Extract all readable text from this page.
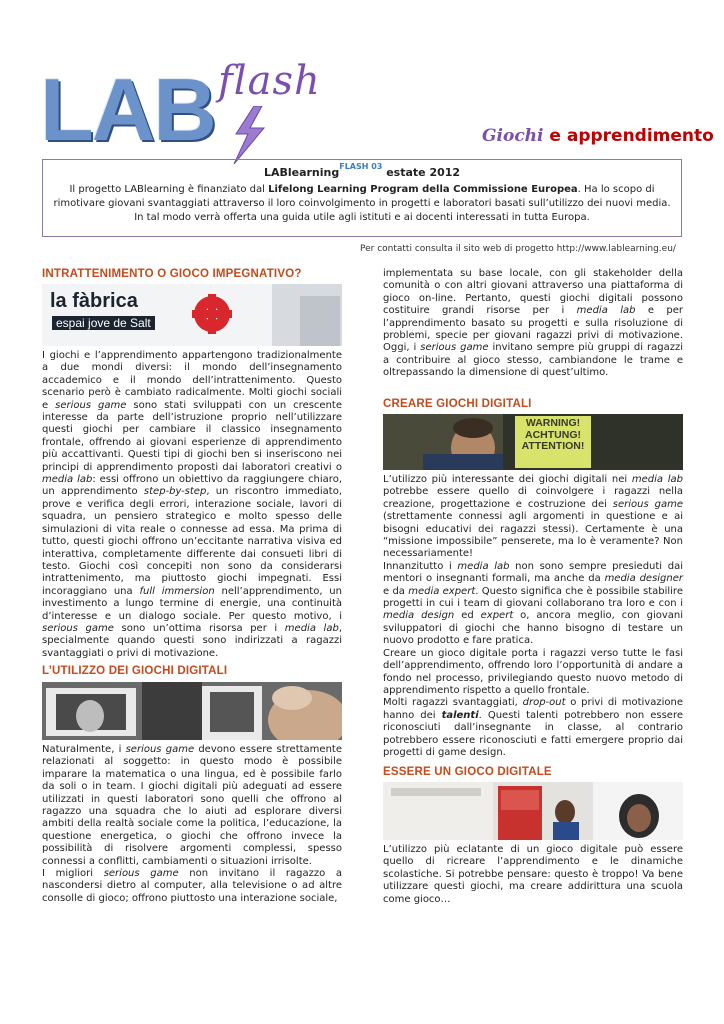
LAB flash
Giochi e apprendimento
LABlearning$^{FLASH 03}$ estate 2012
Il progetto LABlearning è finanziato dal Lifelong Learning Program della Commissione Europea. Ha lo scopo di rimotivare giovani svantaggiati attraverso il loro coinvolgimento in progetti e laboratori basati sull’utilizzo dei nuovi media. In tal modo verrà offerta una guida utile agli istituti e ai docenti interessati in tutta Europa.
Per contatti consulta il sito web di progetto http://www.lablearning.eu/
INTRATTENIMENTO O GIOCO IMPEGNATIVO?
la fàbrica
espai jove de Salt
I giochi e l’apprendimento appartengono tradizionalmente a due mondi diversi: il mondo dell’insegnamento accademico e il mondo dell’intrattenimento. Questo scenario però è cambiato radicalmente. Molti giochi sociali e serious game sono stati sviluppati con un crescente interesse da parte dell’istruzione proprio nell’utilizzare questi giochi per cambiare il classico insegnamento frontale, offrendo ai giovani esperienze di apprendimento più accattivanti. Questi tipi di giochi ben si inseriscono nei principi di apprendimento proposti dai laboratori creativi o media lab: essi offrono un obiettivo da raggiungere chiaro, un apprendimento step-by-step, un riscontro immediato, prove e verifica degli errori, interazione sociale, lavori di squadra, un pensiero strategico e molto spesso delle simulazioni di vita reale o connesse ad essa. Ma prima di tutto, questi giochi offrono un’eccitante narrativa visiva ed interattiva, completamente differente dai consueti libri di testo. Giochi così concepiti non sono da considerarsi intrattenimento, ma piuttosto giochi impegnati. Essi incoraggiano una full immersion nell’apprendimento, un investimento a lungo termine di energie, una continuità d’interesse e un dialogo sociale. Per questo motivo, i serious game sono un’ottima risorsa per i media lab, specialmente quando questi sono indirizzati a ragazzi svantaggiati o privi di motivazione.
L’UTILIZZO DEI GIOCHI DIGITALI
Naturalmente, i serious game devono essere strettamente relazionati al soggetto: in questo modo è possibile imparare la matematica o una lingua, ed è possibile farlo da soli o in team. I giochi digitali più adeguati ad essere utilizzati in questi laboratori sono quelli che offrono al ragazzo una squadra che lo aiuti ad esplorare diversi ambiti della realtà sociale come la politica, l’educazione, la questione energetica, o giochi che offrono invece la possibilità di risolvere argomenti complessi, spesso connessi a conflitti, cambiamenti o situazioni irrisolte.
I migliori serious game non invitano il ragazzo a nascondersi dietro al computer, alla televisione o ad altre consolle di gioco; offrono piuttosto una interazione sociale,
implementata su base locale, con gli stakeholder della comunità o con altri giovani attraverso una piattaforma di gioco on-line. Pertanto, questi giochi digitali possono costituire grandi risorse per i media lab e per l’apprendimento basato su progetti e sulla risoluzione di problemi, specie per giovani ragazzi privi di motivazione. Oggi, i serious game invitano sempre più gruppi di ragazzi a contribuire al gioco stesso, cambiandone le trame e oltrepassando la dimensione di quest’ultimo.
CREARE GIOCHI DIGITALI
WARNING! ACHTUNG! ATTENTION!
L’utilizzo più interessante dei giochi digitali nei media lab potrebbe essere quello di coinvolgere i ragazzi nella creazione, progettazione e costruzione dei serious game (strettamente connessi agli argomenti in questione e ai bisogni educativi dei ragazzi stessi). Certamente è una “missione impossibile” penserete, ma lo è veramente? Non necessariamente!
Innanzitutto i media lab non sono sempre presieduti dai mentori o insegnanti formali, ma anche da media designer e da media expert. Questo significa che è possibile stabilire progetti in cui i team di giovani collaborano tra loro e con i media design ed expert o, ancora meglio, con giovani sviluppatori di giochi che hanno bisogno di testare un nuovo prodotto e fare pratica.
Creare un gioco digitale porta i ragazzi verso tutte le fasi dell’apprendimento, offrendo loro l’opportunità di andare a fondo nel processo, privilegiando questo nuovo metodo di apprendimento rispetto a quello frontale.
Molti ragazzi svantaggiati, drop-out o privi di motivazione hanno dei talenti. Questi talenti potrebbero non essere riconosciuti dall’insegnante in classe, al contrario potrebbero essere riconosciuti e fatti emergere proprio dai progetti di game design.
ESSERE UN GIOCO DIGITALE
L’utilizzo più eclatante di un gioco digitale può essere quello di ricreare l’apprendimento e le dinamiche scolastiche. Si potrebbe pensare: questo è troppo! Va bene utilizzare questi giochi, ma creare addirittura una scuola come gioco…
